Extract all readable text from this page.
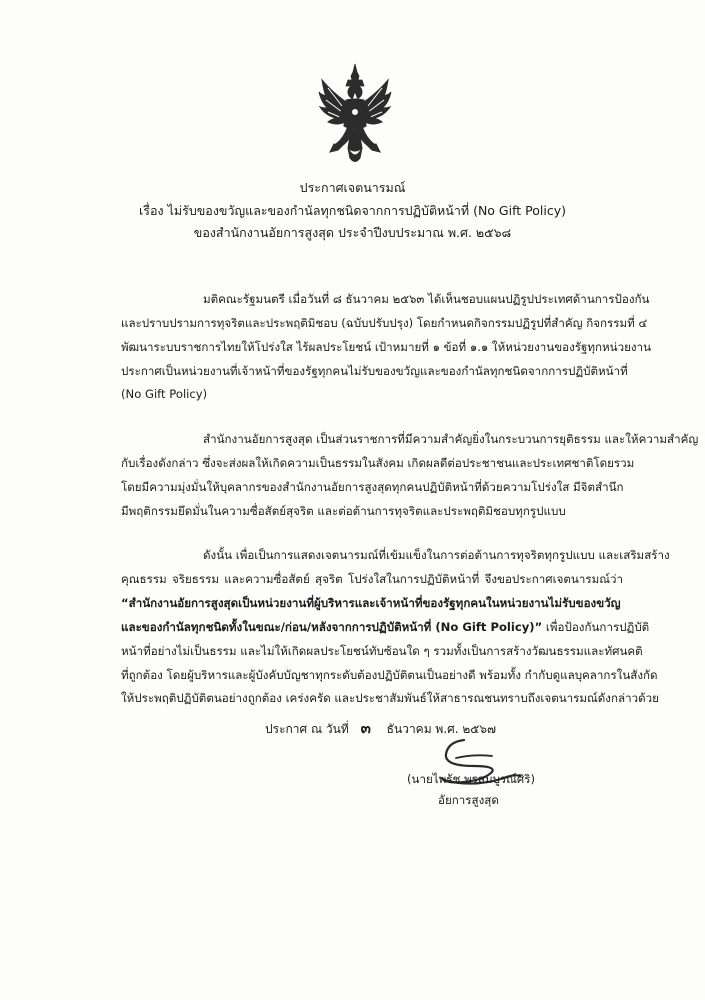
ประกาศเจตนารมณ์
เรื่อง ไม่รับของขวัญและของกำนัลทุกชนิดจากการปฏิบัติหน้าที่ (No Gift Policy)
ของสำนักงานอัยการสูงสุด ประจำปีงบประมาณ พ.ศ. ๒๕๖๘
มติคณะรัฐมนตรี เมื่อวันที่ ๘ ธันวาคม ๒๕๖๓ ได้เห็นชอบแผนปฏิรูปประเทศด้านการป้องกัน
และปราบปรามการทุจริตและประพฤติมิชอบ (ฉบับปรับปรุง) โดยกำหนดกิจกรรมปฏิรูปที่สำคัญ กิจกรรมที่ ๔
พัฒนาระบบราชการไทยให้โปร่งใส ไร้ผลประโยชน์ เป้าหมายที่ ๑ ข้อที่ ๑.๑ ให้หน่วยงานของรัฐทุกหน่วยงาน
ประกาศเป็นหน่วยงานที่เจ้าหน้าที่ของรัฐทุกคนไม่รับของขวัญและของกำนัลทุกชนิดจากการปฏิบัติหน้าที่
(No Gift Policy)
สำนักงานอัยการสูงสุด เป็นส่วนราชการที่มีความสำคัญยิ่งในกระบวนการยุติธรรม และให้ความสำคัญ
กับเรื่องดังกล่าว ซึ่งจะส่งผลให้เกิดความเป็นธรรมในสังคม เกิดผลดีต่อประชาชนและประเทศชาติโดยรวม
โดยมีความมุ่งมั่นให้บุคลากรของสำนักงานอัยการสูงสุดทุกคนปฏิบัติหน้าที่ด้วยความโปร่งใส มีจิตสำนึก
มีพฤติกรรมยึดมั่นในความซื่อสัตย์สุจริต และต่อต้านการทุจริตและประพฤติมิชอบทุกรูปแบบ
ดังนั้น เพื่อเป็นการแสดงเจตนารมณ์ที่เข้มแข็งในการต่อต้านการทุจริตทุกรูปแบบ และเสริมสร้าง
คุณธรรม จริยธรรม และความซื่อสัตย์ สุจริต โปร่งใสในการปฏิบัติหน้าที่ จึงขอประกาศเจตนารมณ์ว่า
“สำนักงานอัยการสูงสุดเป็นหน่วยงานที่ผู้บริหารและเจ้าหน้าที่ของรัฐทุกคนในหน่วยงานไม่รับของขวัญ
และของกำนัลทุกชนิดทั้งในขณะ/ก่อน/หลังจากการปฏิบัติหน้าที่ (No Gift Policy)” เพื่อป้องกันการปฏิบัติ
หน้าที่อย่างไม่เป็นธรรม และไม่ให้เกิดผลประโยชน์ทับซ้อนใด ๆ รวมทั้งเป็นการสร้างวัฒนธรรมและทัศนคติ
ที่ถูกต้อง โดยผู้บริหารและผู้บังคับบัญชาทุกระดับต้องปฏิบัติตนเป็นอย่างดี พร้อมทั้ง กำกับดูแลบุคลากรในสังกัด
ให้ประพฤติปฏิบัติตนอย่างถูกต้อง เคร่งครัด และประชาสัมพันธ์ให้สาธารณชนทราบถึงเจตนารมณ์ดังกล่าวด้วย
ประกาศ ณ วันที่ ๓ ธันวาคม พ.ศ. ๒๕๖๗
(นายไพรัช พรสมบูรณ์ศิริ)
อัยการสูงสุด
